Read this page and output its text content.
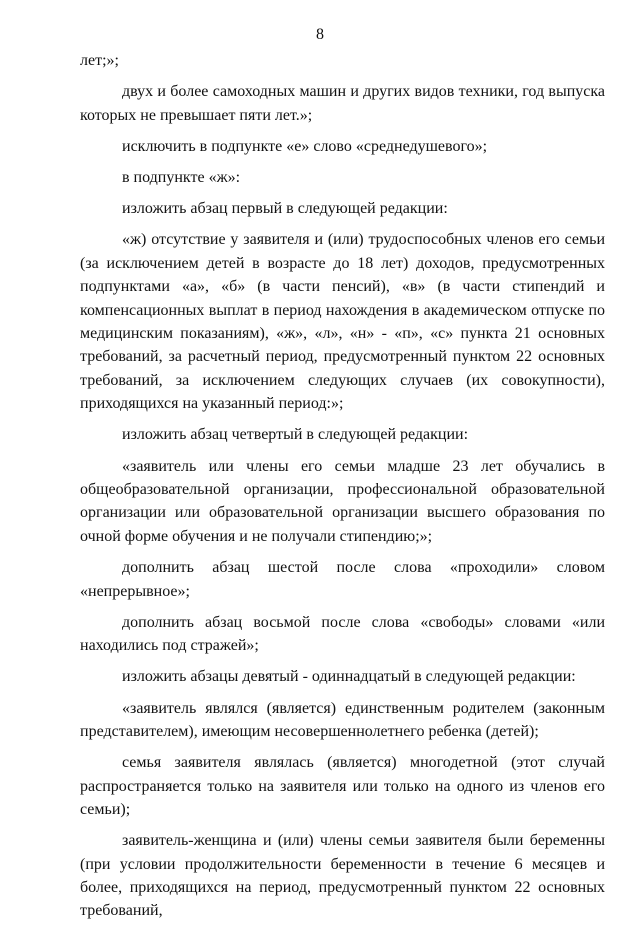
8

лет;»;

двух и более самоходных машин и других видов техники, год выпуска которых не превышает пяти лет.»;

исключить в подпункте «е» слово «среднедушевого»;

в подпункте «ж»:

изложить абзац первый в следующей редакции:

«ж) отсутствие у заявителя и (или) трудоспособных членов его семьи (за исключением детей в возрасте до 18 лет) доходов, предусмотренных подпунктами «а», «б» (в части пенсий), «в» (в части стипендий и компенсационных выплат в период нахождения в академическом отпуске по медицинским показаниям), «ж», «л», «н» - «п», «с» пункта 21 основных требований, за расчетный период, предусмотренный пунктом 22 основных требований, за исключением следующих случаев (их совокупности), приходящихся на указанный период:»;

изложить абзац четвертый в следующей редакции:

«заявитель или члены его семьи младше 23 лет обучались в общеобразовательной организации, профессиональной образовательной организации или образовательной организации высшего образования по очной форме обучения и не получали стипендию;»;

дополнить абзац шестой после слова «проходили» словом «непрерывное»;

дополнить абзац восьмой после слова «свободы» словами «или находились под стражей»;

изложить абзацы девятый - одиннадцатый в следующей редакции:

«заявитель являлся (является) единственным родителем (законным представителем), имеющим несовершеннолетнего ребенка (детей);

семья заявителя являлась (является) многодетной (этот случай распространяется только на заявителя или только на одного из членов его семьи);

заявитель-женщина и (или) члены семьи заявителя были беременны (при условии продолжительности беременности в течение 6 месяцев и более, приходящихся на период, предусмотренный пунктом 22 основных требований,
